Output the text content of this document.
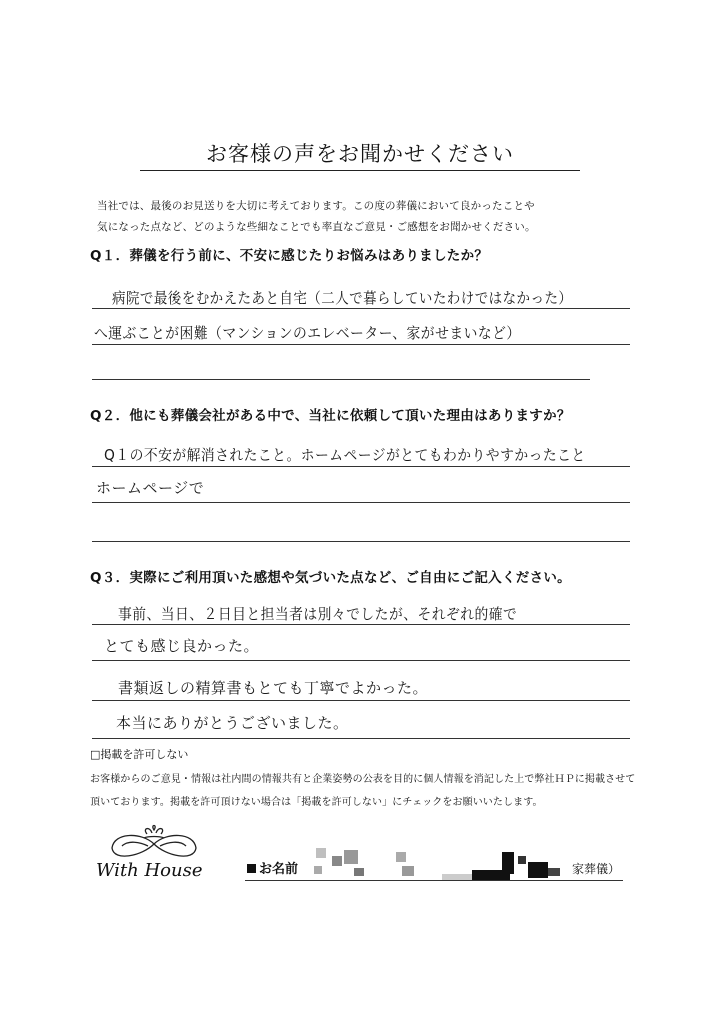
お客様の声をお聞かせください
当社では、最後のお見送りを大切に考えております。この度の葬儀において良かったことや
気になった点など、どのような些細なことでも率直なご意見・ご感想をお聞かせください。
Q１．葬儀を行う前に、不安に感じたりお悩みはありましたか？
病院で最後をむかえたあと自宅（二人で暮らしていたわけではなかった）
へ運ぶことが困難（マンションのエレベーター、家がせまいなど）
Q２．他にも葬儀会社がある中で、当社に依頼して頂いた理由はありますか？
Q１の不安が解消されたこと。ホームページがとてもわかりやすかったこと
ホームページで
Q３．実際にご利用頂いた感想や気づいた点など、ご自由にご記入ください。
事前、当日、２日目と担当者は別々でしたが、それぞれ的確で
とても感じ良かった。
書類返しの精算書もとても丁寧でよかった。
本当にありがとうございました。
□掲載を許可しない
お客様からのご意見・情報は社内間の情報共有と企業姿勢の公表を目的に個人情報を消記した上で弊社ＨＰに掲載させて
頂いております。掲載を許可頂けない場合は「掲載を許可しない」にチェックをお願いいたします。
With House	お名前	家葬儀）
